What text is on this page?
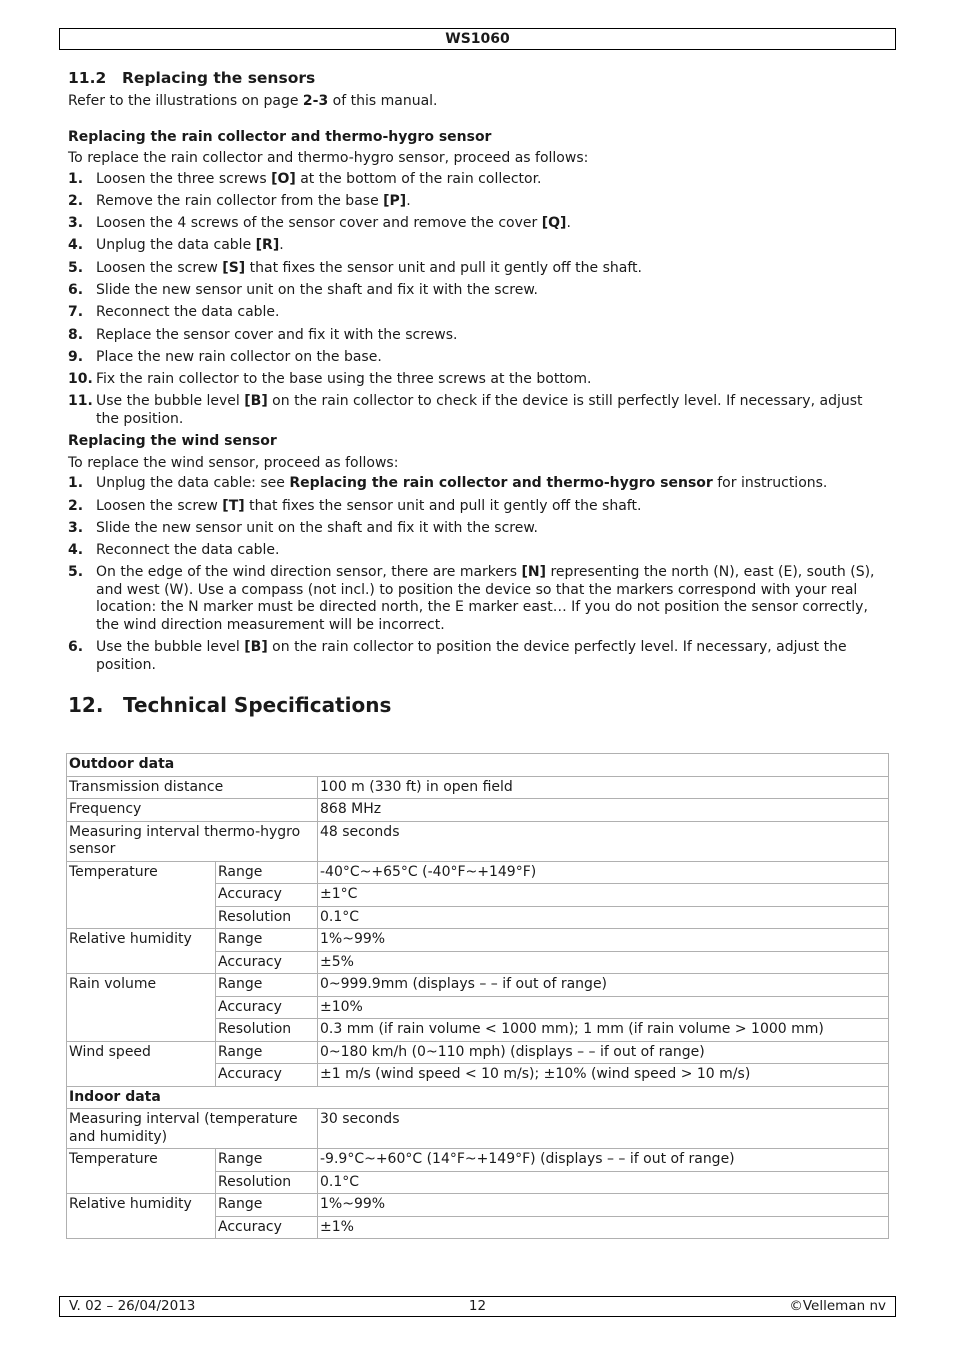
WS1060
11.2 Replacing the sensors

Refer to the illustrations on page 2-3 of this manual.

Replacing the rain collector and thermo-hygro sensor

To replace the rain collector and thermo-hygro sensor, proceed as follows:

1. Loosen the three screws [O] at the bottom of the rain collector.
2. Remove the rain collector from the base [P].
3. Loosen the 4 screws of the sensor cover and remove the cover [Q].
4. Unplug the data cable [R].
5. Loosen the screw [S] that fixes the sensor unit and pull it gently off the shaft.
6. Slide the new sensor unit on the shaft and fix it with the screw.
7. Reconnect the data cable.
8. Replace the sensor cover and fix it with the screws.
9. Place the new rain collector on the base.
10. Fix the rain collector to the base using the three screws at the bottom.
11. Use the bubble level [B] on the rain collector to check if the device is still perfectly level. If necessary, adjust the position.
Replacing the wind sensor

To replace the wind sensor, proceed as follows:

1. Unplug the data cable: see Replacing the rain collector and thermo-hygro sensor for instructions.
2. Loosen the screw [T] that fixes the sensor unit and pull it gently off the shaft.
3. Slide the new sensor unit on the shaft and fix it with the screw.
4. Reconnect the data cable.
5. On the edge of the wind direction sensor, there are markers [N] representing the north (N), east (E), south (S), and west (W). Use a compass (not incl.) to position the device so that the markers correspond with your real location: the N marker must be directed north, the E marker east… If you do not position the sensor correctly, the wind direction measurement will be incorrect.
6. Use the bubble level [B] on the rain collector to position the device perfectly level. If necessary, adjust the position.
12. Technical Specifications
Outdoor data		
Transmission distance		100 m (330 ft) in open field
Frequency		868 MHz
Measuring interval thermo-hygro sensor		48 seconds
Temperature	Range	-40°C~+65°C (-40°F~+149°F)
	Accuracy	±1°C
	Resolution	0.1°C
Relative humidity	Range	1%~99%
	Accuracy	±5%
Rain volume	Range	0~999.9mm (displays – – if out of range)
	Accuracy	±10%
	Resolution	0.3 mm (if rain volume < 1000 mm); 1 mm (if rain volume > 1000 mm)
Wind speed	Range	0~180 km/h (0~110 mph) (displays – – if out of range)
	Accuracy	±1 m/s (wind speed < 10 m/s); ±10% (wind speed > 10 m/s)
Indoor data		
Measuring interval (temperature and humidity)		30 seconds
Temperature	Range	-9.9°C~+60°C (14°F~+149°F) (displays – – if out of range)
	Resolution	0.1°C
Relative humidity	Range	1%~99%
	Accuracy	±1%
V. 02 – 26/04/2013	12	©Velleman nv
